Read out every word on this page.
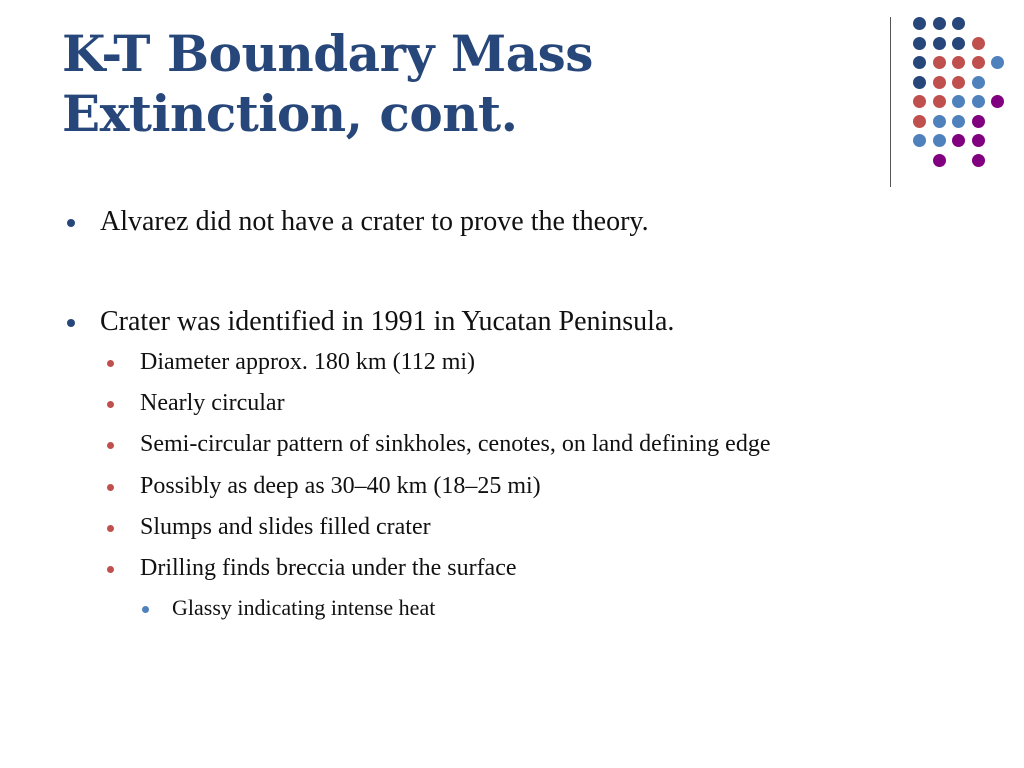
K-T Boundary Mass
Extinction, cont.

Alvarez did not have a crater to prove the theory.

Crater was identified in 1991 in Yucatan Peninsula.

Diameter approx. 180 km (112 mi)

Nearly circular

Semi-circular pattern of sinkholes, cenotes, on land defining edge

Possibly as deep as 30–40 km (18–25 mi)

Slumps and slides filled crater

Drilling finds breccia under the surface

Glassy indicating intense heat
